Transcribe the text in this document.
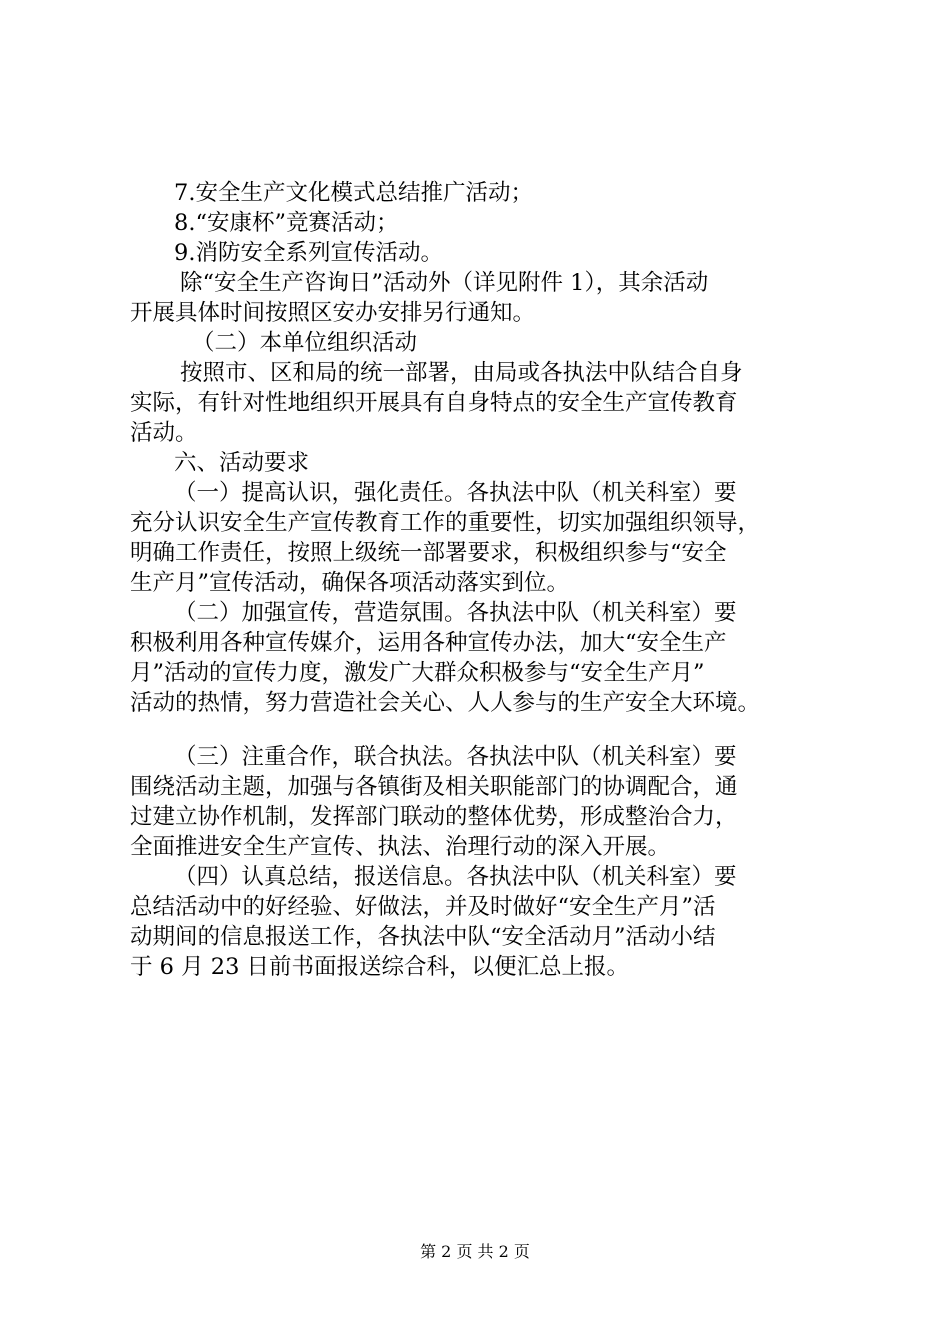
7.安全生产文化模式总结推广活动；
8.“安康杯”竞赛活动；
9.消防安全系列宣传活动。
除“安全生产咨询日”活动外（详见附件 1），其余活动
开展具体时间按照区安办安排另行通知。
（二）本单位组织活动
按照市、区和局的统一部署，由局或各执法中队结合自身
实际，有针对性地组织开展具有自身特点的安全生产宣传教育
活动。
六、活动要求
（一）提高认识，强化责任。各执法中队（机关科室）要
充分认识安全生产宣传教育工作的重要性，切实加强组织领导，
明确工作责任，按照上级统一部署要求，积极组织参与“安全
生产月”宣传活动，确保各项活动落实到位。
（二）加强宣传，营造氛围。各执法中队（机关科室）要
积极利用各种宣传媒介，运用各种宣传办法，加大“安全生产
月”活动的宣传力度，激发广大群众积极参与“安全生产月”
活动的热情，努力营造社会关心、人人参与的生产安全大环境。
（三）注重合作，联合执法。各执法中队（机关科室）要
围绕活动主题，加强与各镇街及相关职能部门的协调配合，通
过建立协作机制，发挥部门联动的整体优势，形成整治合力，
全面推进安全生产宣传、执法、治理行动的深入开展。
（四）认真总结，报送信息。各执法中队（机关科室）要
总结活动中的好经验、好做法，并及时做好“安全生产月”活
动期间的信息报送工作，各执法中队“安全活动月”活动小结
于 6 月 23 日前书面报送综合科，以便汇总上报。
第 2 页 共 2 页
